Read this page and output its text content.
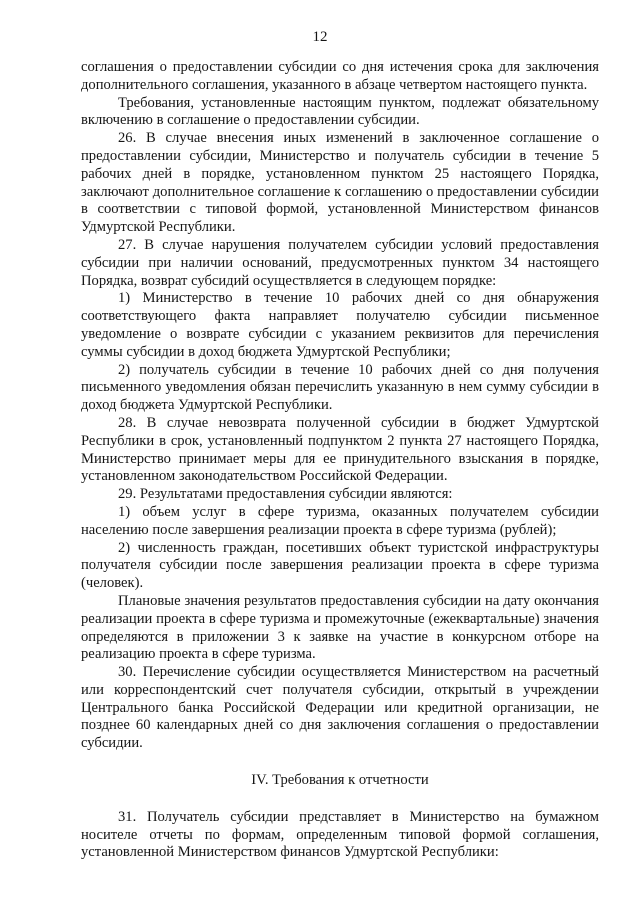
12

соглашения о предоставлении субсидии со дня истечения срока для заключения дополнительного соглашения, указанного в абзаце четвертом настоящего пункта.

Требования, установленные настоящим пунктом, подлежат обязательному включению в соглашение о предоставлении субсидии.

26. В случае внесения иных изменений в заключенное соглашение о предоставлении субсидии, Министерство и получатель субсидии в течение 5 рабочих дней в порядке, установленном пунктом 25 настоящего Порядка, заключают дополнительное соглашение к соглашению о предоставлении субсидии в соответствии с типовой формой, установленной Министерством финансов Удмуртской Республики.

27. В случае нарушения получателем субсидии условий предоставления субсидии при наличии оснований, предусмотренных пунктом 34 настоящего Порядка, возврат субсидий осуществляется в следующем порядке:

1) Министерство в течение 10 рабочих дней со дня обнаружения соответствующего факта направляет получателю субсидии письменное уведомление о возврате субсидии с указанием реквизитов для перечисления суммы субсидии в доход бюджета Удмуртской Республики;

2) получатель субсидии в течение 10 рабочих дней со дня получения письменного уведомления обязан перечислить указанную в нем сумму субсидии в доход бюджета Удмуртской Республики.

28. В случае невозврата полученной субсидии в бюджет Удмуртской Республики в срок, установленный подпунктом 2 пункта 27 настоящего Порядка, Министерство принимает меры для ее принудительного взыскания в порядке, установленном законодательством Российской Федерации.

29. Результатами предоставления субсидии являются:

1) объем услуг в сфере туризма, оказанных получателем субсидии населению после завершения реализации проекта в сфере туризма (рублей);

2) численность граждан, посетивших объект туристской инфраструктуры получателя субсидии после завершения реализации проекта в сфере туризма (человек).

Плановые значения результатов предоставления субсидии на дату окончания реализации проекта в сфере туризма и промежуточные (ежеквартальные) значения определяются в приложении 3 к заявке на участие в конкурсном отборе на реализацию проекта в сфере туризма.

30. Перечисление субсидии осуществляется Министерством на расчетный или корреспондентский счет получателя субсидии, открытый в учреждении Центрального банка Российской Федерации или кредитной организации, не позднее 60 календарных дней со дня заключения соглашения о предоставлении субсидии.

IV. Требования к отчетности

31. Получатель субсидии представляет в Министерство на бумажном носителе отчеты по формам, определенным типовой формой соглашения, установленной Министерством финансов Удмуртской Республики:
